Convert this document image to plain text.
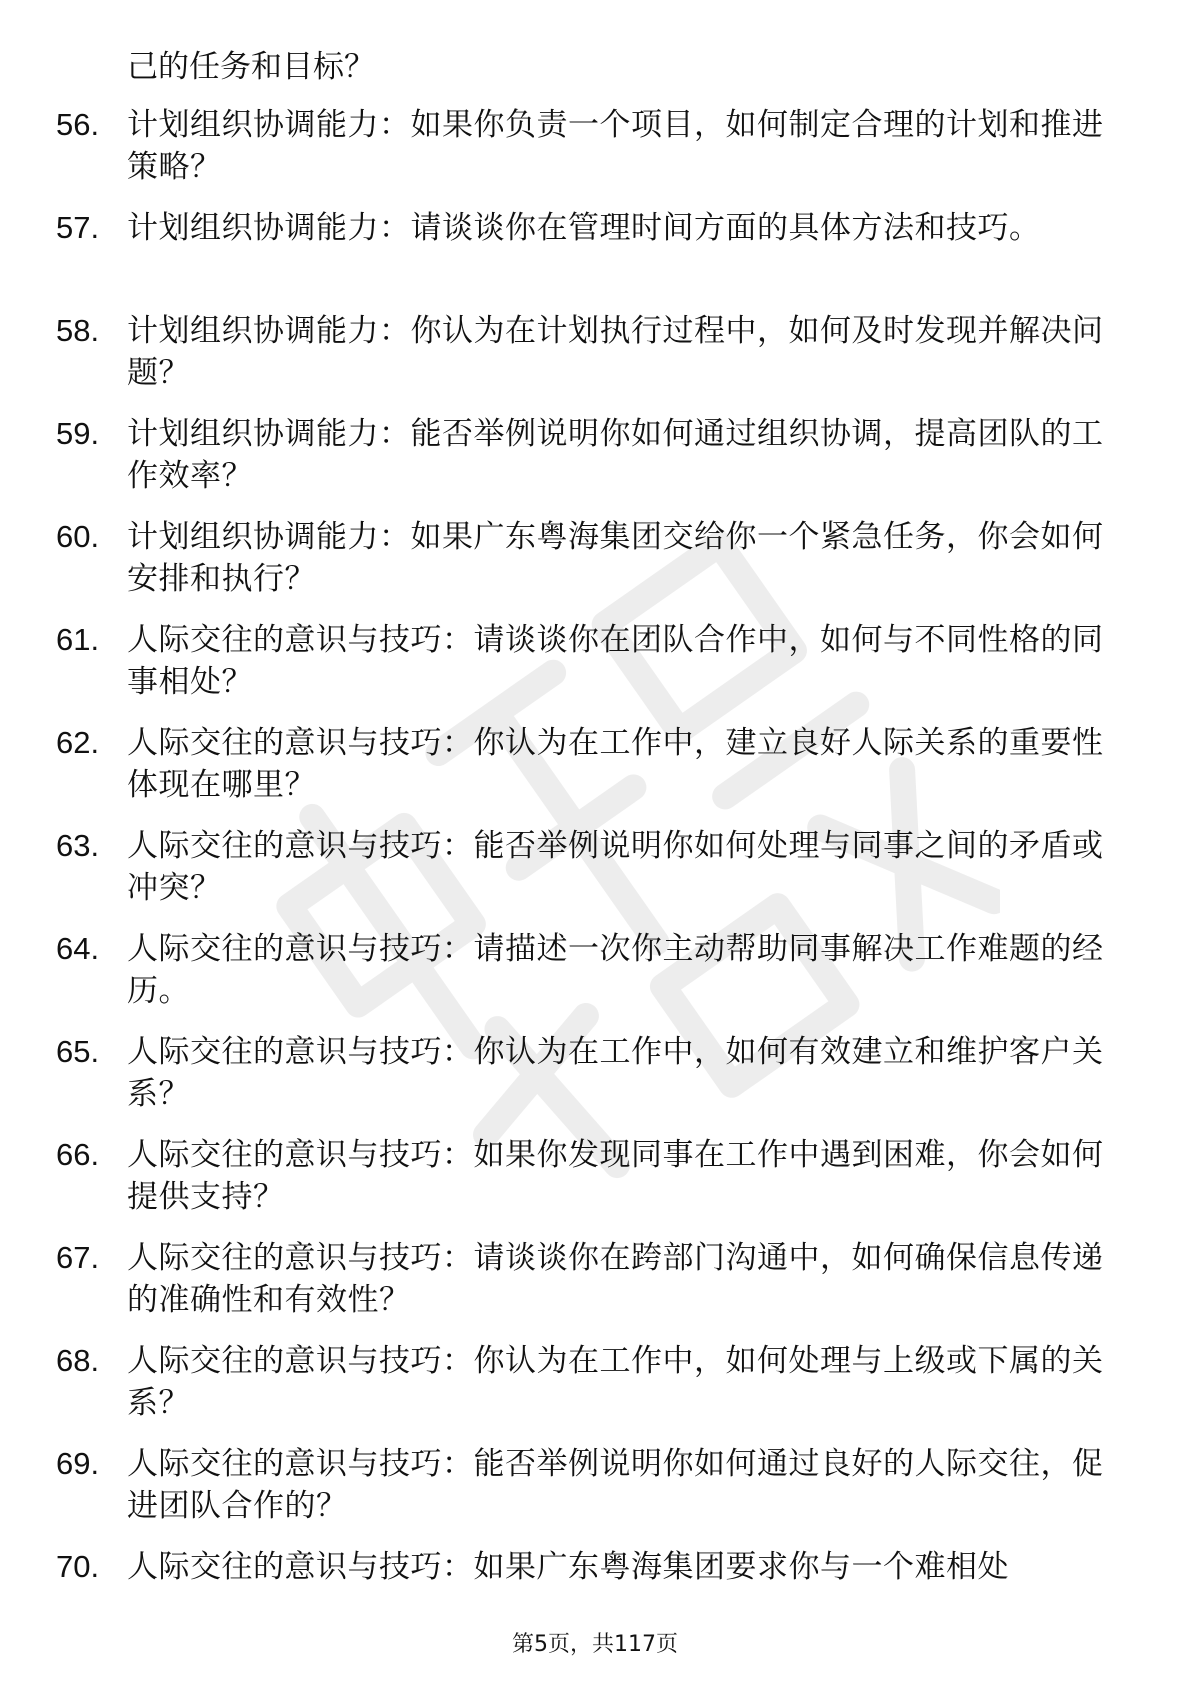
己的任务和目标？
56. 计划组织协调能力：如果你负责一个项目，如何制定合理的计划和推进策略？
57. 计划组织协调能力：请谈谈你在管理时间方面的具体方法和技巧。
58. 计划组织协调能力：你认为在计划执行过程中，如何及时发现并解决问题？
59. 计划组织协调能力：能否举例说明你如何通过组织协调，提高团队的工作效率？
60. 计划组织协调能力：如果广东粤海集团交给你一个紧急任务，你会如何安排和执行？
61. 人际交往的意识与技巧：请谈谈你在团队合作中，如何与不同性格的同事相处？
62. 人际交往的意识与技巧：你认为在工作中，建立良好人际关系的重要性体现在哪里？
63. 人际交往的意识与技巧：能否举例说明你如何处理与同事之间的矛盾或冲突？
64. 人际交往的意识与技巧：请描述一次你主动帮助同事解决工作难题的经历。
65. 人际交往的意识与技巧：你认为在工作中，如何有效建立和维护客户关系？
66. 人际交往的意识与技巧：如果你发现同事在工作中遇到困难，你会如何提供支持？
67. 人际交往的意识与技巧：请谈谈你在跨部门沟通中，如何确保信息传递的准确性和有效性？
68. 人际交往的意识与技巧：你认为在工作中，如何处理与上级或下属的关系？
69. 人际交往的意识与技巧：能否举例说明你如何通过良好的人际交往，促进团队合作的？
70. 人际交往的意识与技巧：如果广东粤海集团要求你与一个难相处
第5页，共117页
